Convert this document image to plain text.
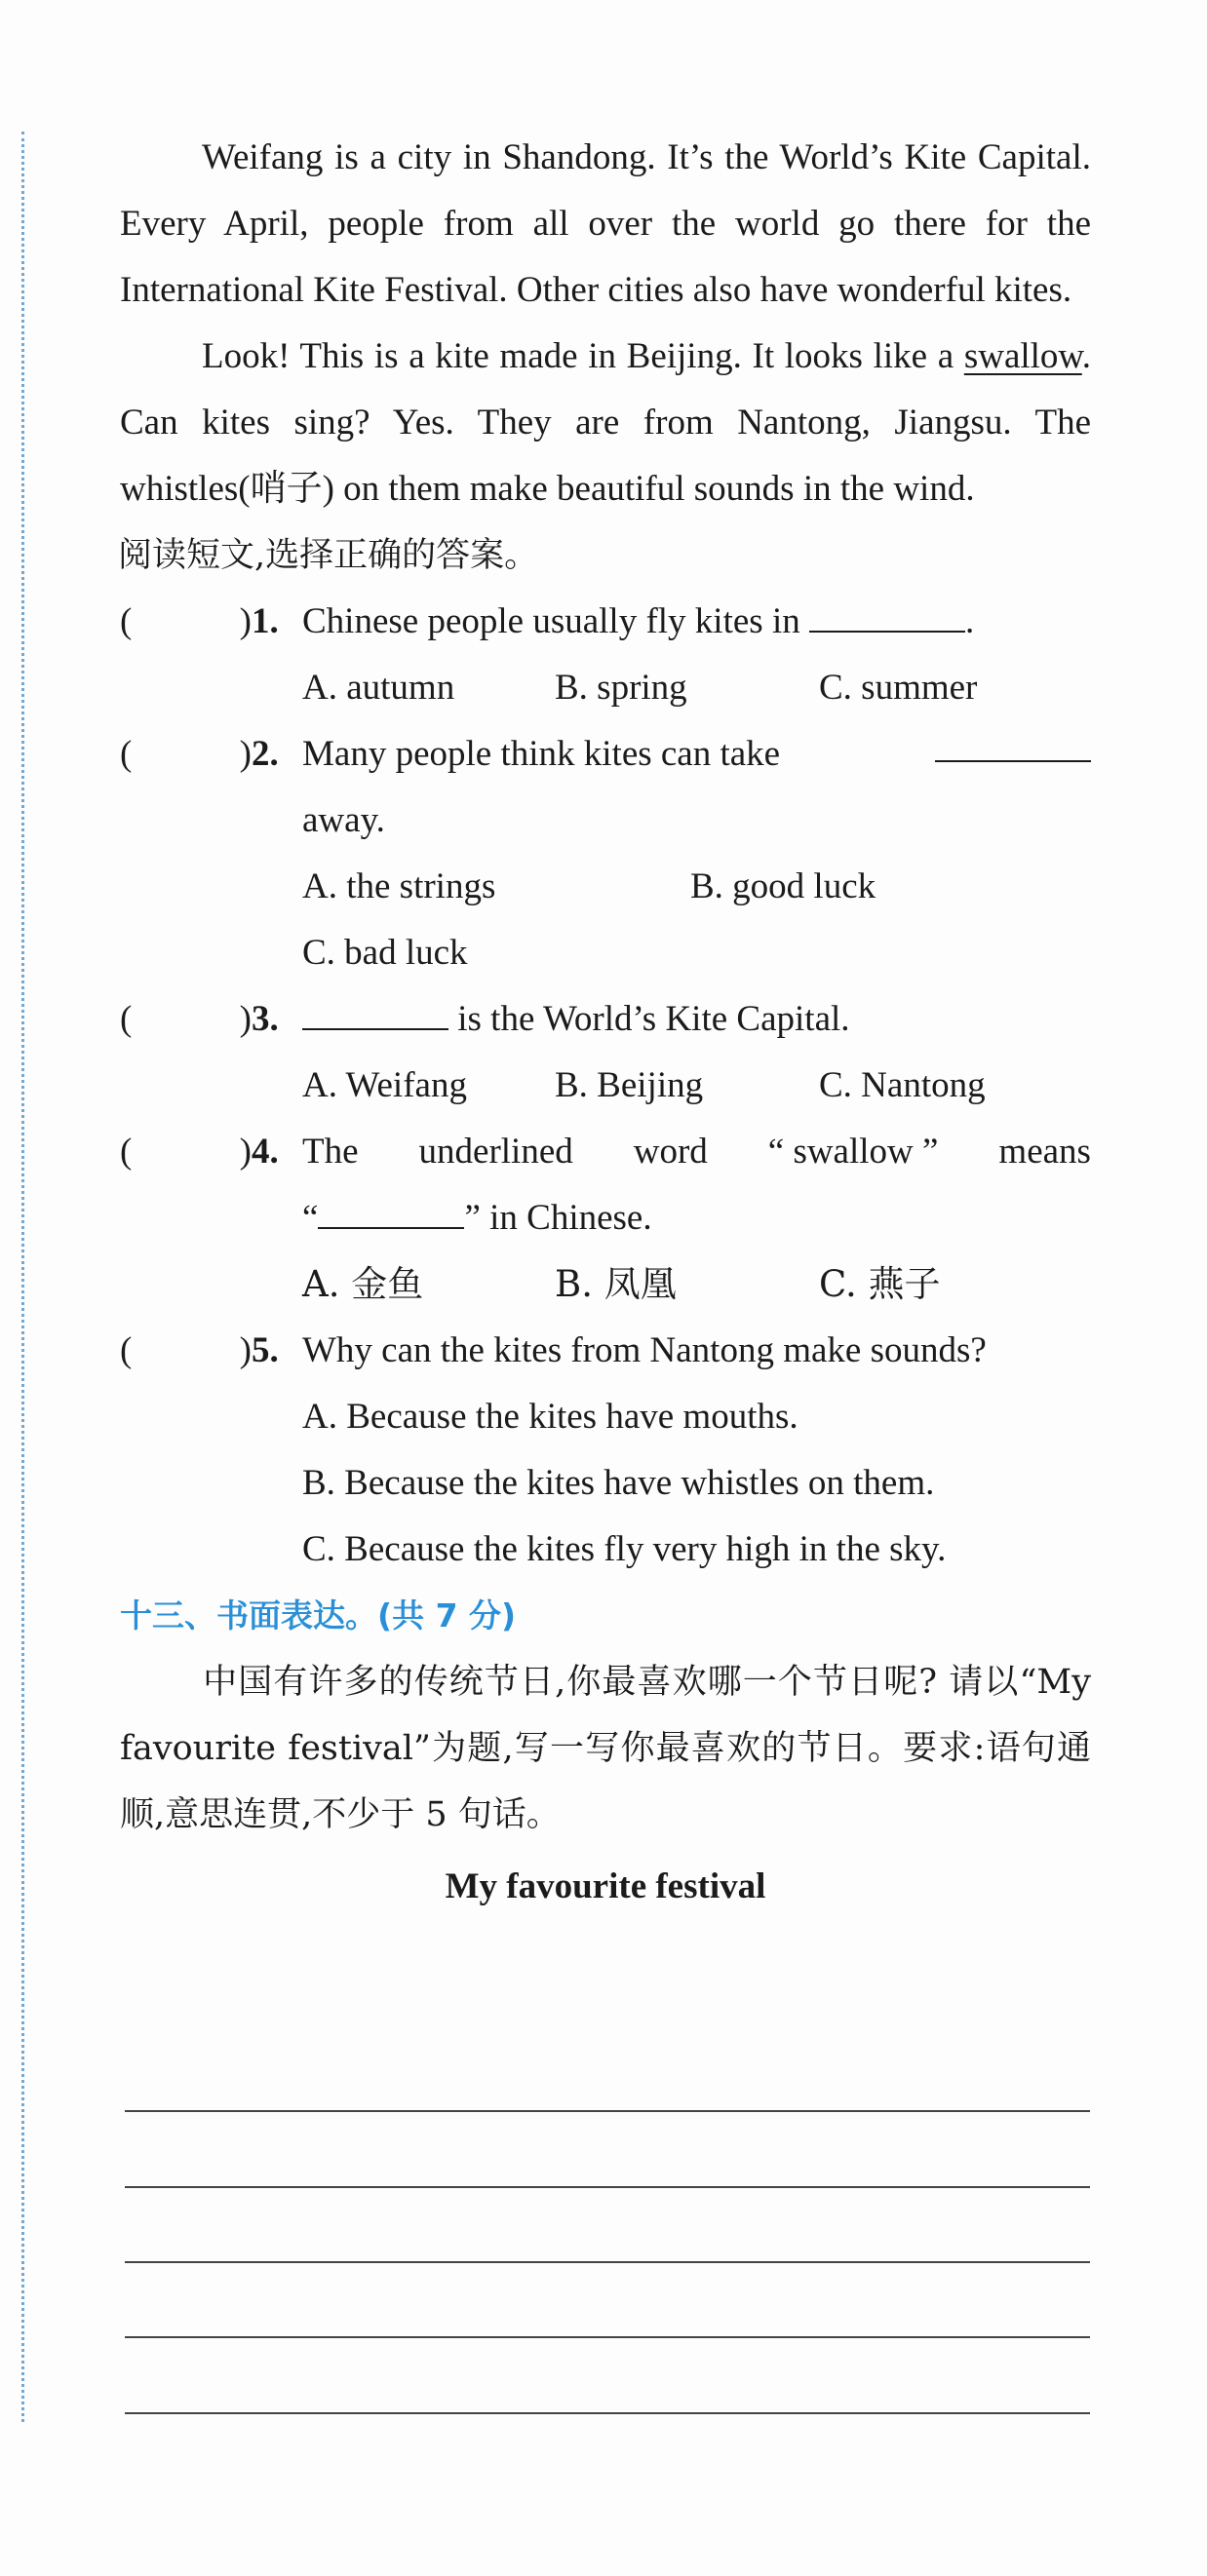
Weifang is a city in Shandong. It’s the World’s Kite Capital. Every April, people from all over the world go there for the International Kite Festival. Other cities also have wonderful kites.

Look! This is a kite made in Beijing. It looks like a swallow. Can kites sing? Yes. They are from Nantong, Jiangsu. The whistles(哨子) on them make beautiful sounds in the wind.

阅读短文,选择正确的答案。

(	) 1. Chinese people usually fly kites in	.
A. autumn	B. spring	C. summer
(	) 2. Many people think kites can take
away.
A. the strings	B. good luck
C. bad luck
(	) 3.	is the World’s Kite Capital.
A. Weifang B. Beijing	C. Nantong
(	) 4. The underlined word “ swallow ” means
“	” in Chinese.
A. 金鱼	B. 凤凰	C. 燕子
(	) 5. Why can the kites from Nantong make sounds?
A. Because the kites have mouths.
B. Because the kites have whistles on them.
C. Because the kites fly very high in the sky.

十三、书面表达。(共 7 分)

中国有许多的传统节日,你最喜欢哪一个节日呢? 请以“My favourite festival”为题,写一写你最喜欢的节日。要求:语句通顺,意思连贯,不少于 5 句话。

My favourite festival
